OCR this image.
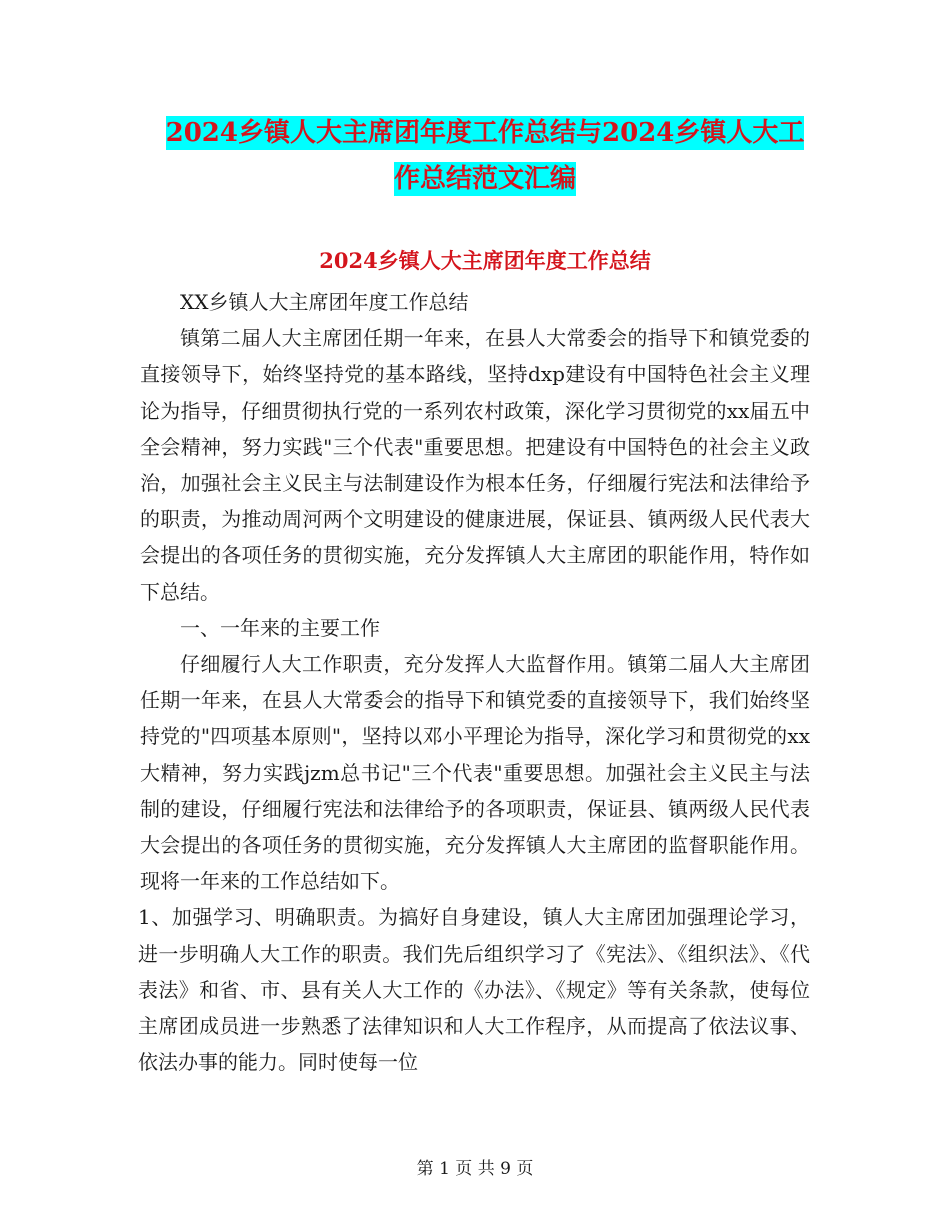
2024乡镇人大主席团年度工作总结与2024乡镇人大工
作总结范文汇编
2024乡镇人大主席团年度工作总结

XX乡镇人大主席团年度工作总结

镇第二届人大主席团任期一年来，在县人大常委会的指导下和镇党委的直接领导下，始终坚持党的基本路线，坚持dxp建设有中国特色社会主义理论为指导，仔细贯彻执行党的一系列农村政策，深化学习贯彻党的xx届五中全会精神，努力实践"三个代表"重要思想。把建设有中国特色的社会主义政治，加强社会主义民主与法制建设作为根本任务，仔细履行宪法和法律给予的职责，为推动周河两个文明建设的健康进展，保证县、镇两级人民代表大会提出的各项任务的贯彻实施，充分发挥镇人大主席团的职能作用，特作如下总结。

一、一年来的主要工作

仔细履行人大工作职责，充分发挥人大监督作用。镇第二届人大主席团任期一年来，在县人大常委会的指导下和镇党委的直接领导下，我们始终坚持党的"四项基本原则"，坚持以邓小平理论为指导，深化学习和贯彻党的xx大精神，努力实践jzm总书记"三个代表"重要思想。加强社会主义民主与法制的建设，仔细履行宪法和法律给予的各项职责，保证县、镇两级人民代表大会提出的各项任务的贯彻实施，充分发挥镇人大主席团的监督职能作用。现将一年来的工作总结如下。

1、加强学习、明确职责。为搞好自身建设，镇人大主席团加强理论学习，进一步明确人大工作的职责。我们先后组织学习了《宪法》、《组织法》、《代表法》和省、市、县有关人大工作的《办法》、《规定》等有关条款，使每位主席团成员进一步熟悉了法律知识和人大工作程序，从而提高了依法议事、依法办事的能力。同时使每一位

第 1 页 共 9 页
